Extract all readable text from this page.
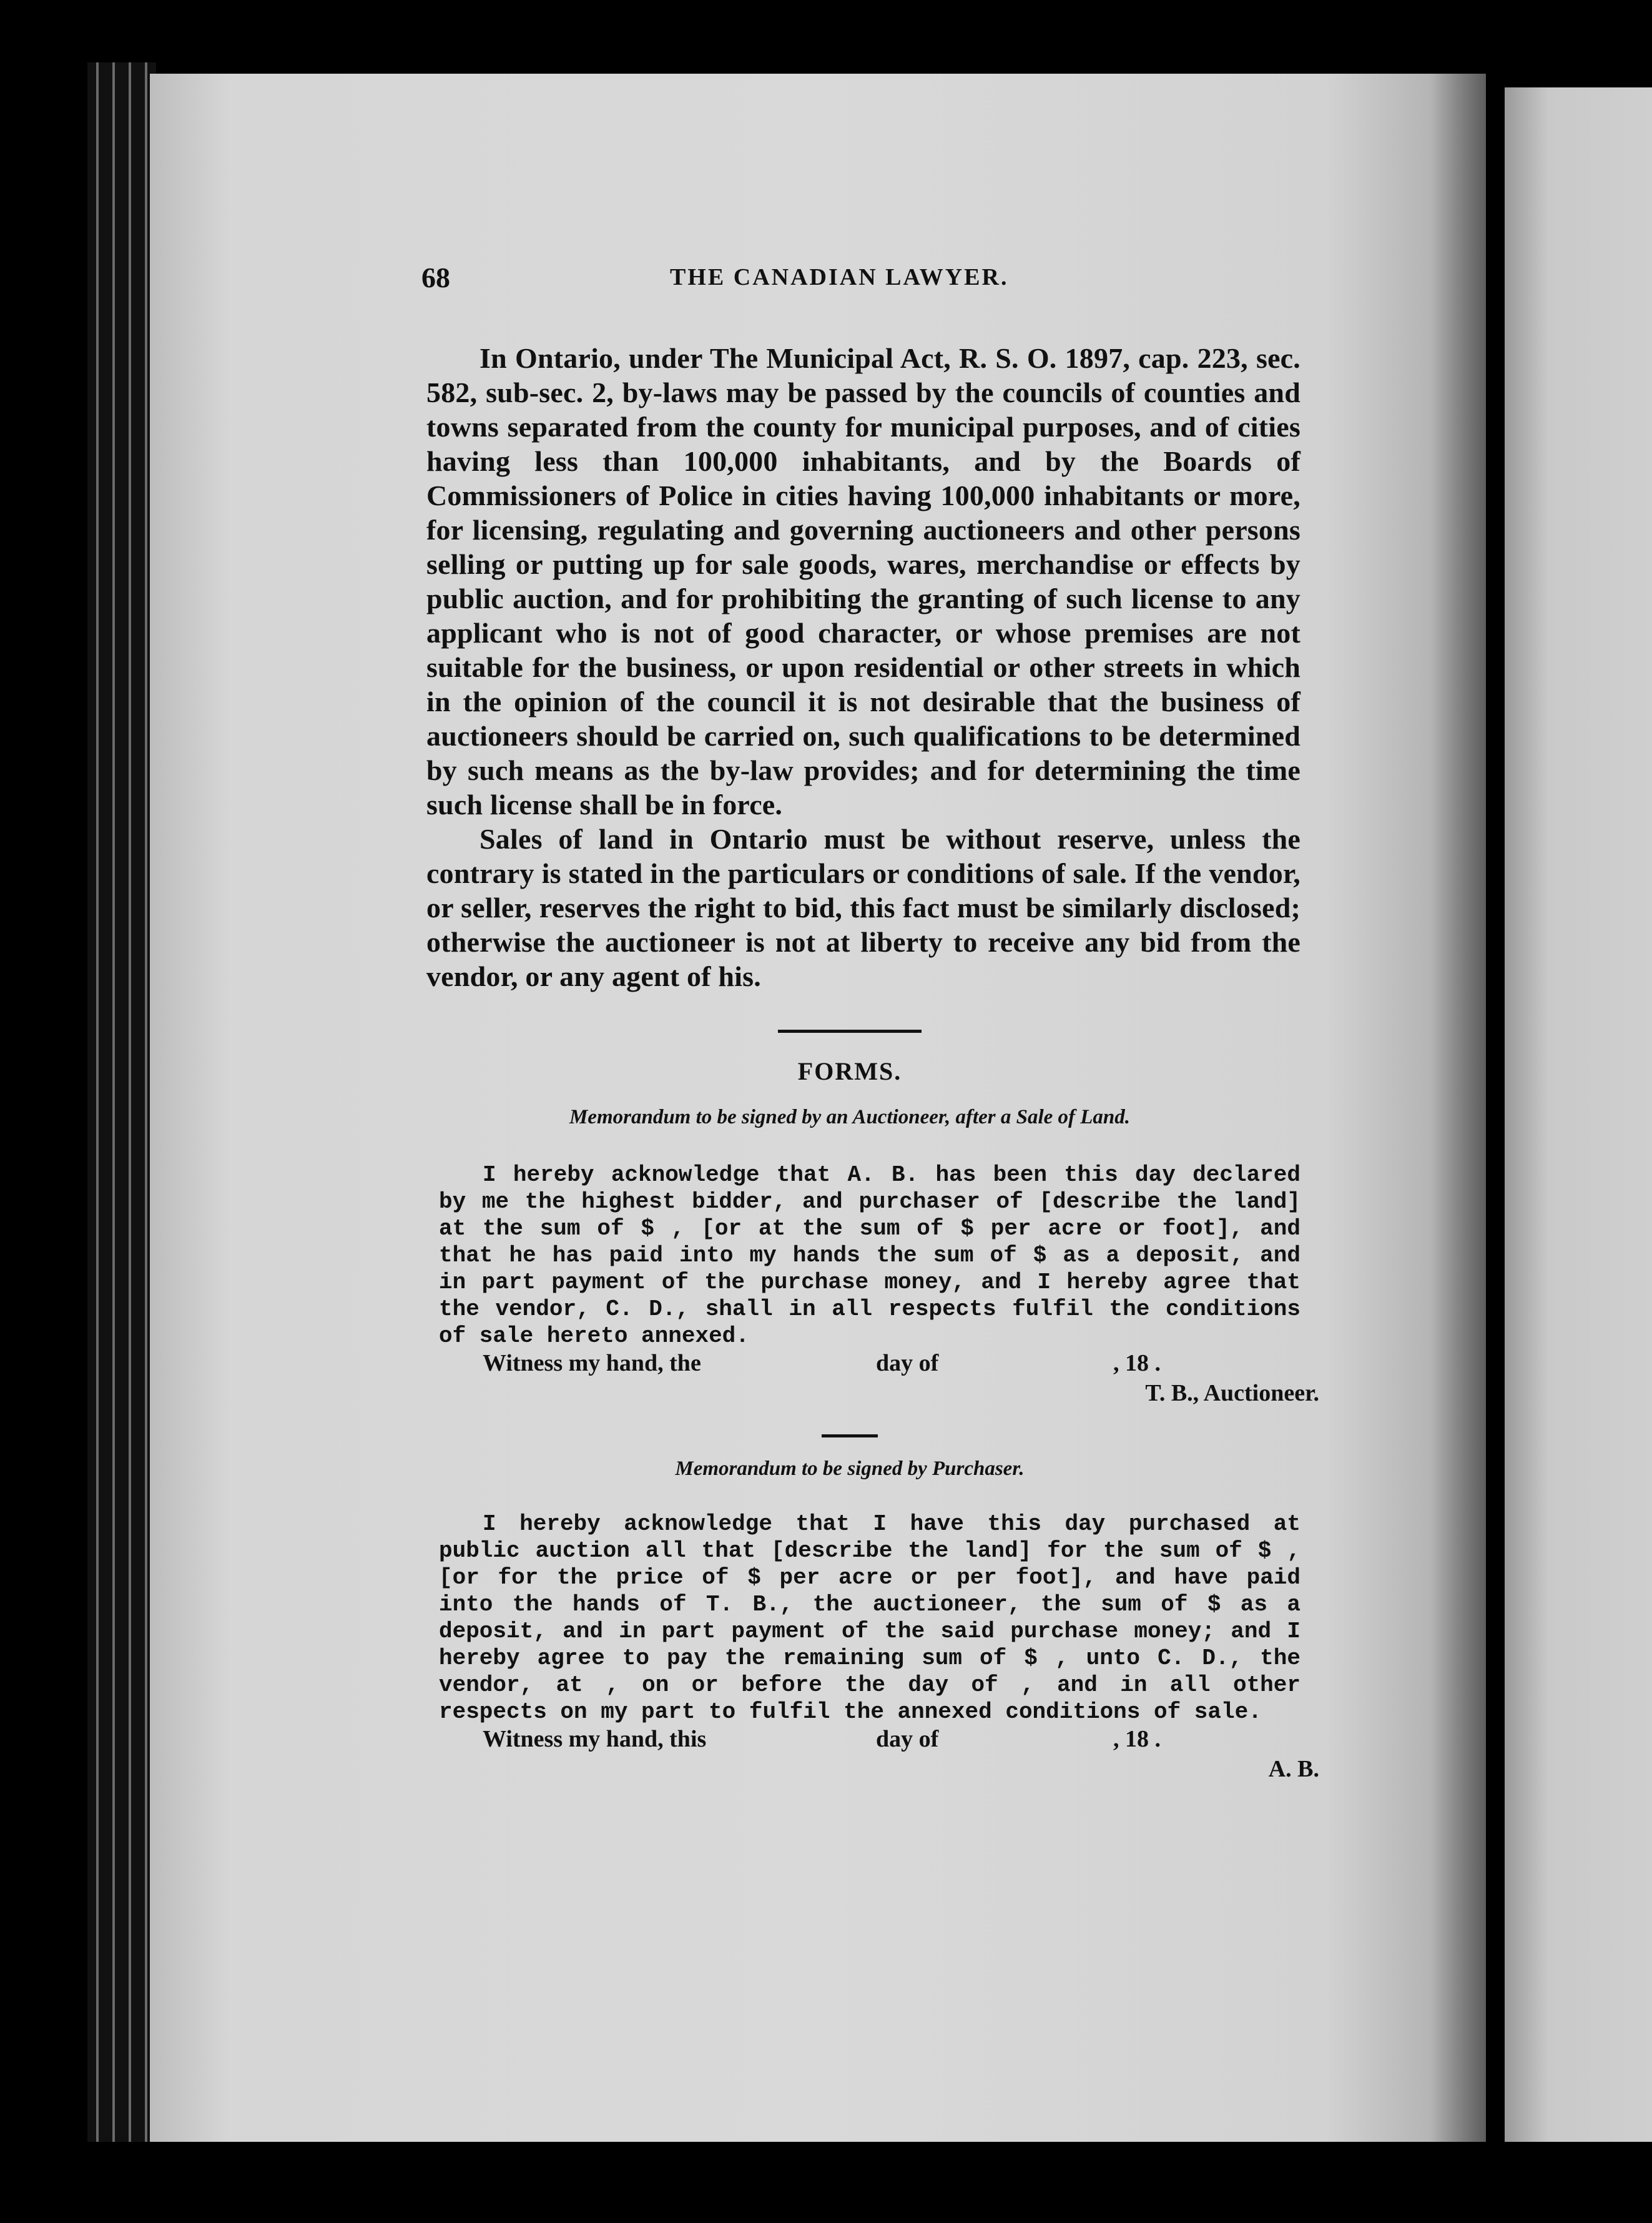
68	THE CANADIAN LAWYER.

In Ontario, under The Municipal Act, R. S. O. 1897, cap. 223, sec. 582, sub-sec. 2, by-laws may be passed by the councils of counties and towns separated from the county for municipal purposes, and of cities having less than 100,000 inhabitants, and by the Boards of Commissioners of Police in cities having 100,000 inhabitants or more, for licensing, regulating and governing auctioneers and other persons selling or putting up for sale goods, wares, merchandise or effects by public auction, and for prohibiting the granting of such license to any applicant who is not of good character, or whose premises are not suitable for the business, or upon residential or other streets in which in the opinion of the council it is not desirable that the business of auctioneers should be carried on, such qualifications to be determined by such means as the by-law provides; and for determining the time such license shall be in force.

Sales of land in Ontario must be without reserve, unless the contrary is stated in the particulars or conditions of sale. If the vendor, or seller, reserves the right to bid, this fact must be similarly disclosed; otherwise the auctioneer is not at liberty to receive any bid from the vendor, or any agent of his.

FORMS.
Memorandum to be signed by an Auctioneer, after a Sale of Land.

I hereby acknowledge that A. B. has been this day declared by me the highest bidder, and purchaser of [describe the land] at the sum of $ , [or at the sum of $ per acre or foot], and that he has paid into my hands the sum of $ as a deposit, and in part payment of the purchase money, and I hereby agree that the vendor, C. D., shall in all respects fulfil the conditions of sale hereto annexed.

Witness my hand, the	day of	, 18 .
T. B., Auctioneer.
Memorandum to be signed by Purchaser.

I hereby acknowledge that I have this day purchased at public auction all that [describe the land] for the sum of $ , [or for the price of $ per acre or per foot], and have paid into the hands of T. B., the auctioneer, the sum of $ as a deposit, and in part payment of the said purchase money; and I hereby agree to pay the remaining sum of $ , unto C. D., the vendor, at , on or before the day of , and in all other respects on my part to fulfil the annexed conditions of sale.

Witness my hand, this	day of	, 18 .
A. B.
